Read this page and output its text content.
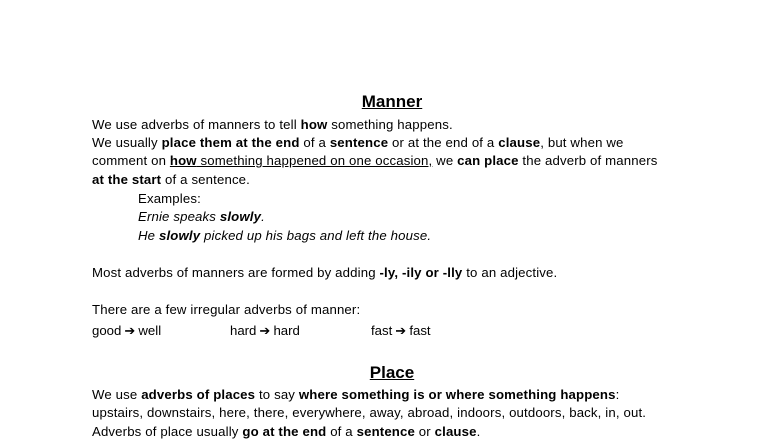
Manner
We use adverbs of manners to tell how something happens.
We usually place them at the end of a sentence or at the end of a clause, but when we
comment on how something happened on one occasion, we can place the adverb of manners
at the start of a sentence.
Examples:
Ernie speaks slowly.
He slowly picked up his bags and left the house.
Most adverbs of manners are formed by adding -ly, -ily or -lly to an adjective.
There are a few irregular adverbs of manner:
good ➔ well	hard ➔ hard	fast ➔ fast
Place
We use adverbs of places to say where something is or where something happens:
upstairs, downstairs, here, there, everywhere, away, abroad, indoors, outdoors, back, in, out.
Adverbs of place usually go at the end of a sentence or clause.
